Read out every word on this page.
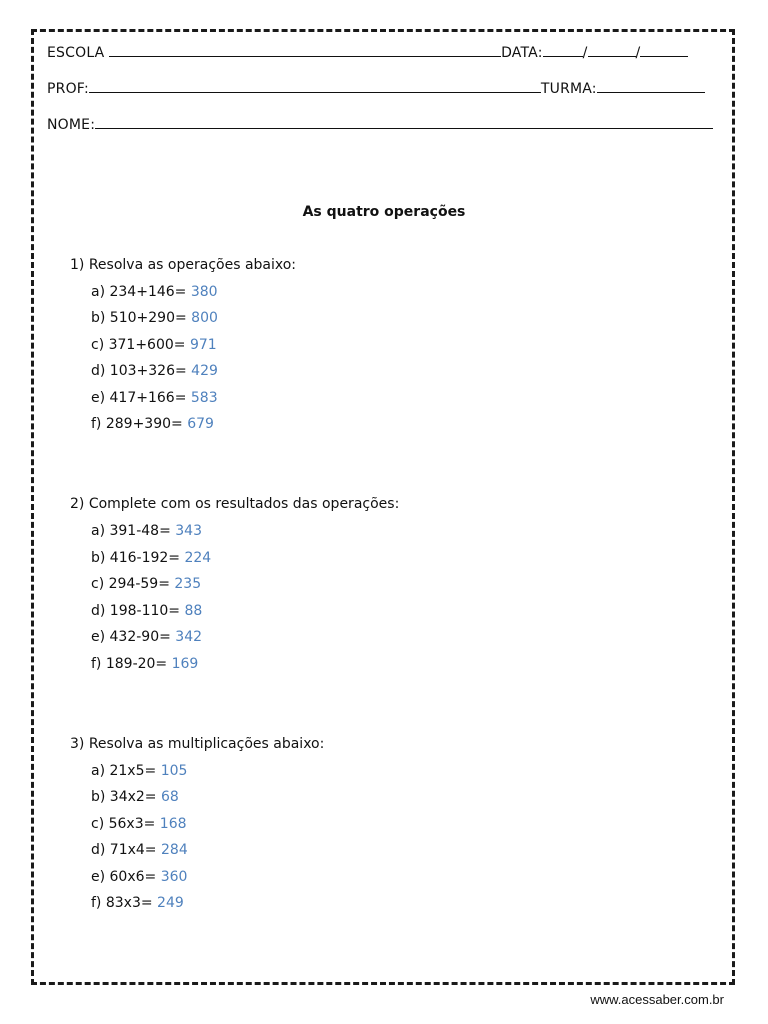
ESCOLA	DATA:	/	/
PROF:	TURMA:
NOME:
As quatro operações
1) Resolva as operações abaixo:
a) 234+146= 380
b) 510+290= 800
c) 371+600= 971
d) 103+326= 429
e) 417+166= 583
f) 289+390= 679
2) Complete com os resultados das operações:
a) 391-48= 343
b) 416-192= 224
c) 294-59= 235
d) 198-110= 88
e) 432-90= 342
f) 189-20= 169
3) Resolva as multiplicações abaixo:
a) 21x5= 105
b) 34x2= 68
c) 56x3= 168
d) 71x4= 284
e) 60x6= 360
f) 83x3= 249
www.acessaber.com.br
